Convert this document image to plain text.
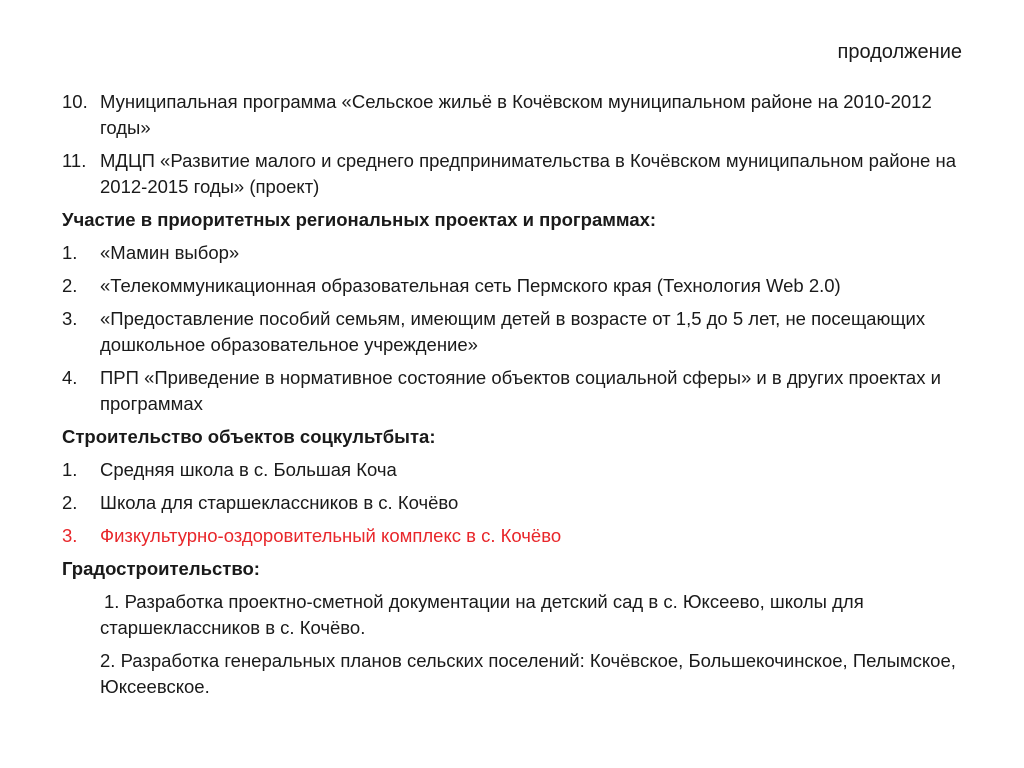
продолжение
10. Муниципальная программа «Сельское жильё в Кочёвском муниципальном районе на 2010-2012 годы»
11. МДЦП «Развитие малого и среднего предпринимательства в Кочёвском муниципальном районе на 2012-2015 годы» (проект)
Участие в приоритетных региональных проектах и программах:
1.	«Мамин выбор»
2.	«Телекоммуникационная образовательная сеть Пермского края (Технология Web 2.0)
3.	«Предоставление пособий семьям, имеющим детей в возрасте от 1,5 до 5 лет, не посещающих дошкольное образовательное учреждение»
4.	ПРП «Приведение в нормативное состояние объектов социальной сферы» и в других проектах и программах
Строительство объектов соцкультбыта:
1.	Средняя школа в с. Большая Коча
2.	Школа для старшеклассников в с. Кочёво
3.	Физкультурно-оздоровительный комплекс в с. Кочёво
Градостроительство:
1. Разработка проектно-сметной документации на детский сад в с. Юксеево, школы для старшеклассников в с. Кочёво.
2. Разработка генеральных планов сельских поселений: Кочёвское, Большекочинское, Пелымское, Юксеевское.
